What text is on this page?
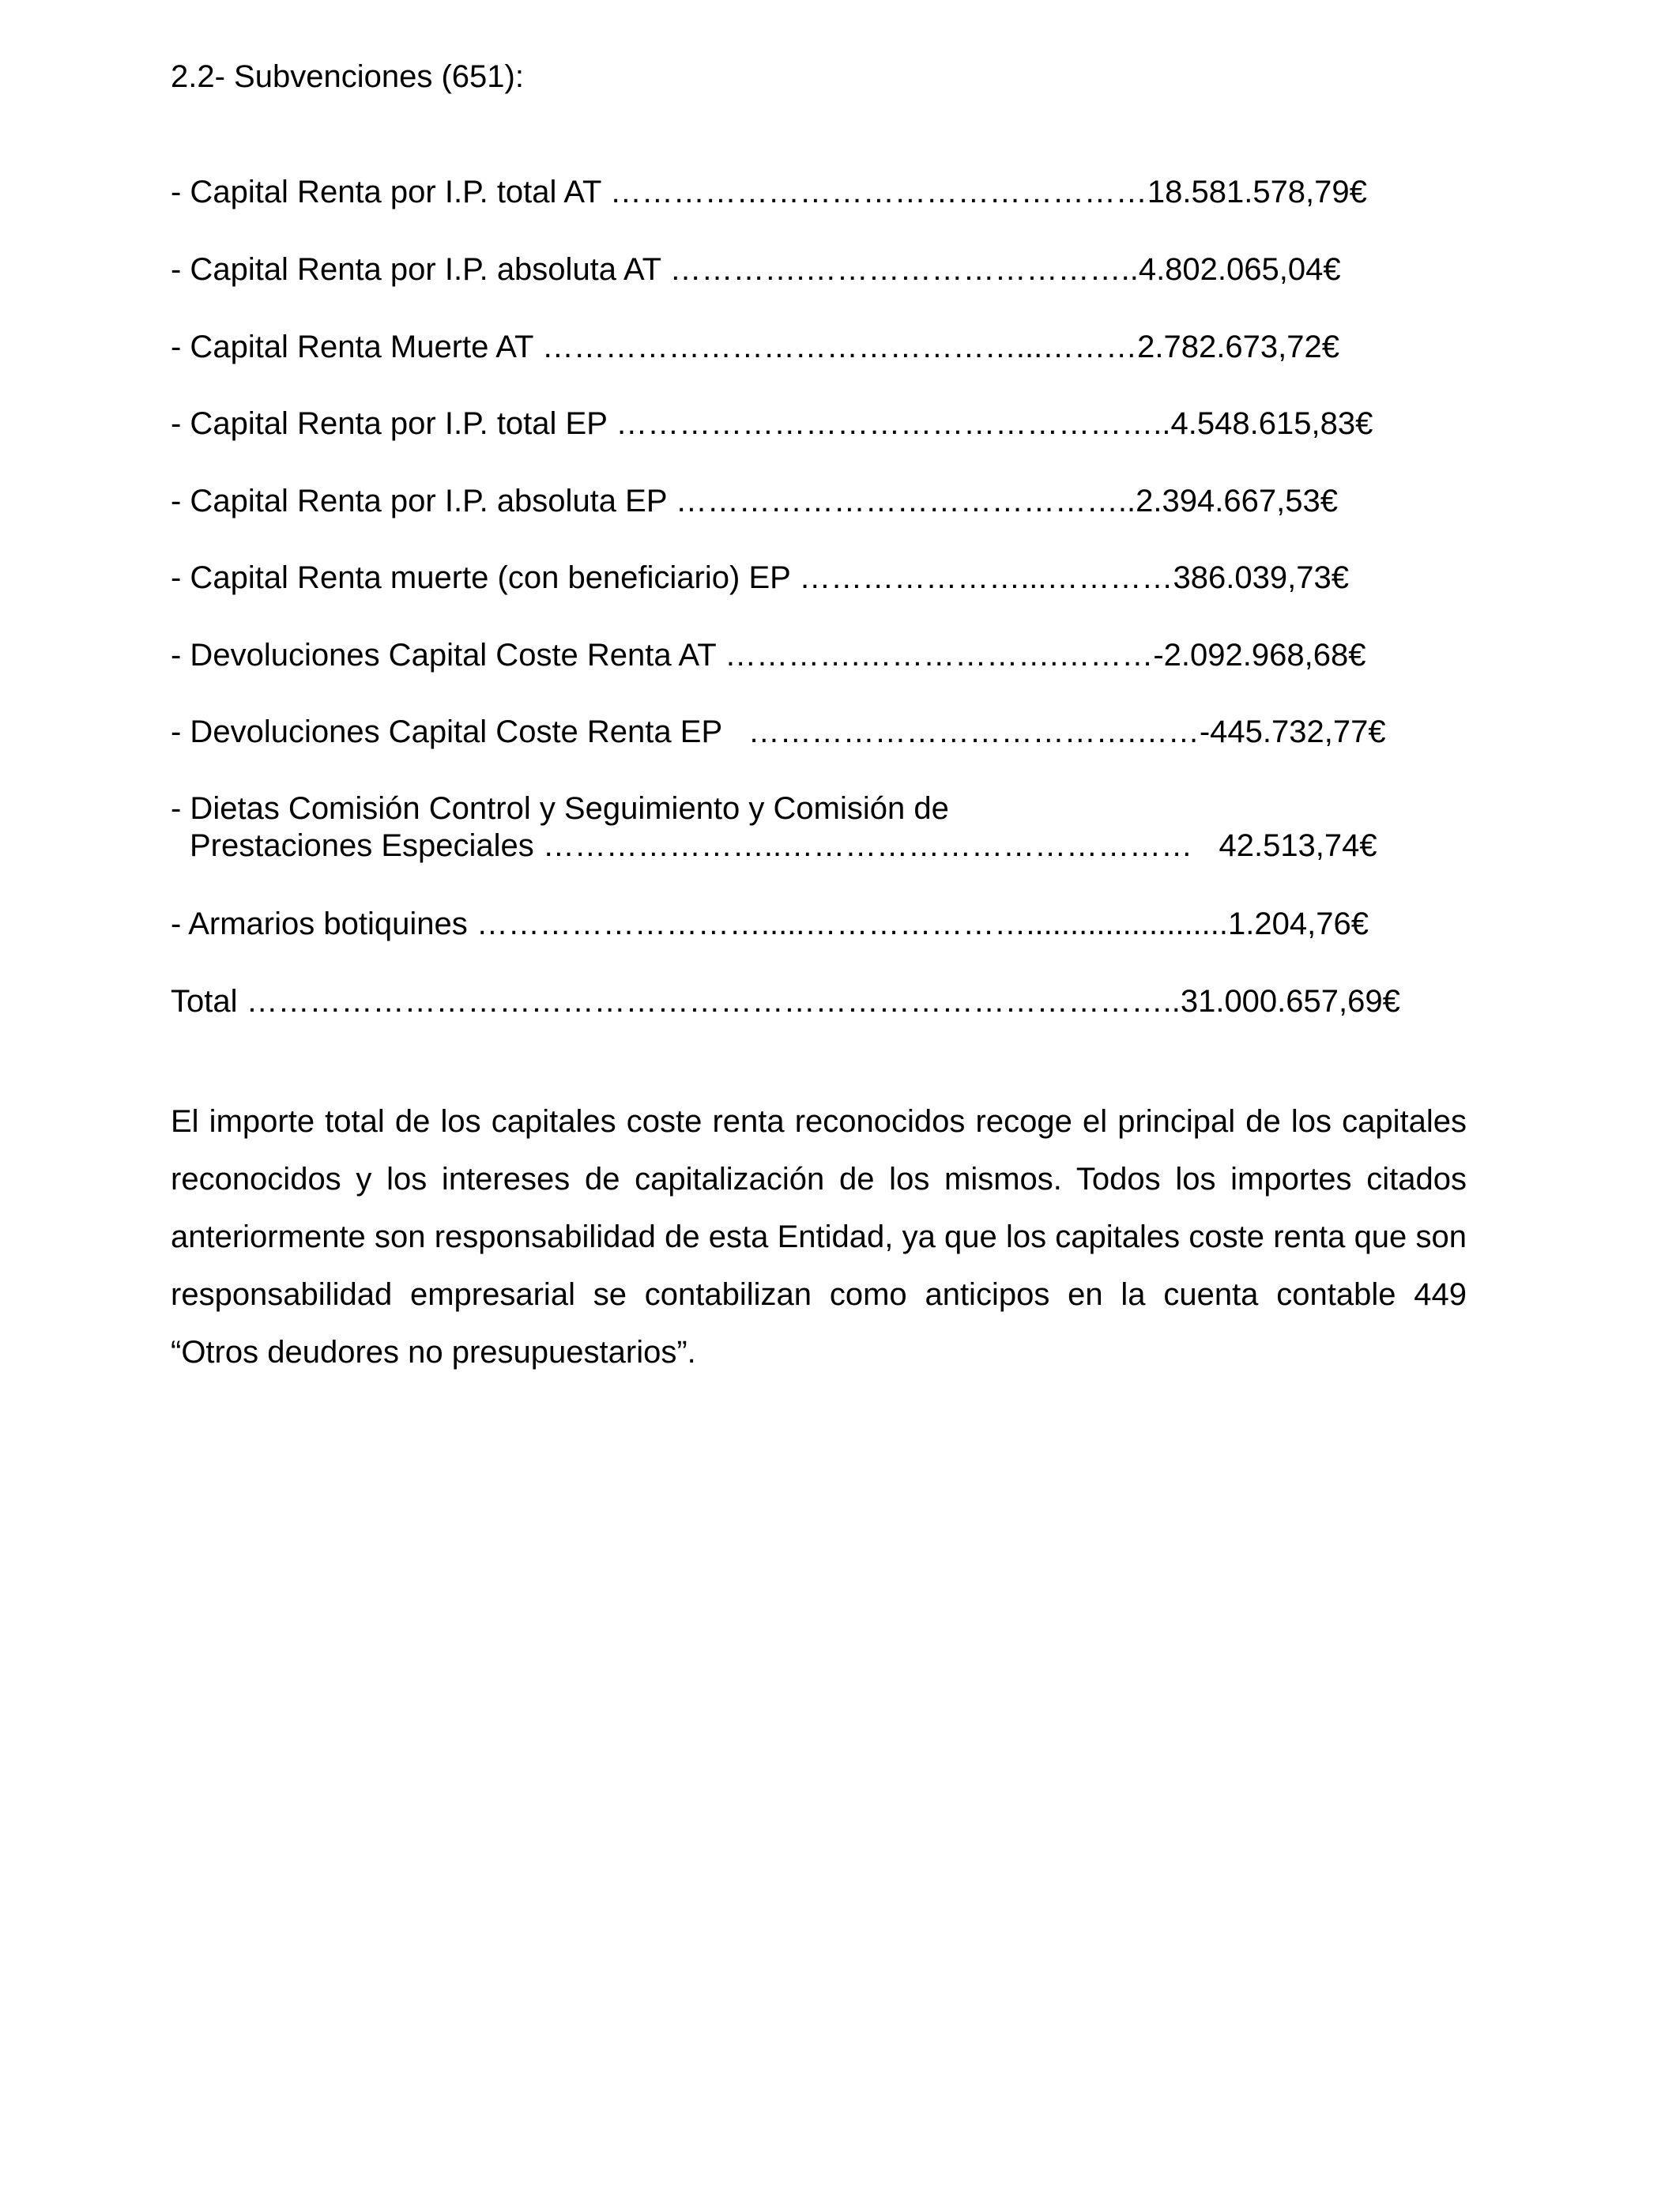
2.2- Subvenciones (651):
- Capital Renta por I.P. total AT ……………………………………………18.581.578,79€
- Capital Renta por I.P. absoluta AT ………….…………………………..4.802.065,04€
- Capital Renta Muerte AT ………………………………………...………2.782.673,72€
- Capital Renta por I.P. total EP ……………………………………………..4.548.615,83€
- Capital Renta por I.P. absoluta EP ……………………………………..2.394.667,53€
- Capital Renta muerte (con beneficiario) EP …………………...…………386.039,73€
- Devoluciones Capital Coste Renta AT ………….……………….………-2.092.968,68€
- Devoluciones Capital Coste Renta EP   ……………………………….……-445.732,77€
- Dietas Comisión Control y Seguimiento y Comisión de
Prestaciones Especiales …………………..…………………………………   42.513,74€
- Armarios botiquines ……………………….....………………….......................1.204,76€
Total ……………………………………………………………………………..31.000.657,69€

El importe total de los capitales coste renta reconocidos recoge el principal de los capitales reconocidos y los intereses de capitalización de los mismos. Todos los importes citados anteriormente son responsabilidad de esta Entidad, ya que los capitales coste renta que son responsabilidad empresarial se contabilizan como anticipos en la cuenta contable 449 “Otros deudores no presupuestarios”.
